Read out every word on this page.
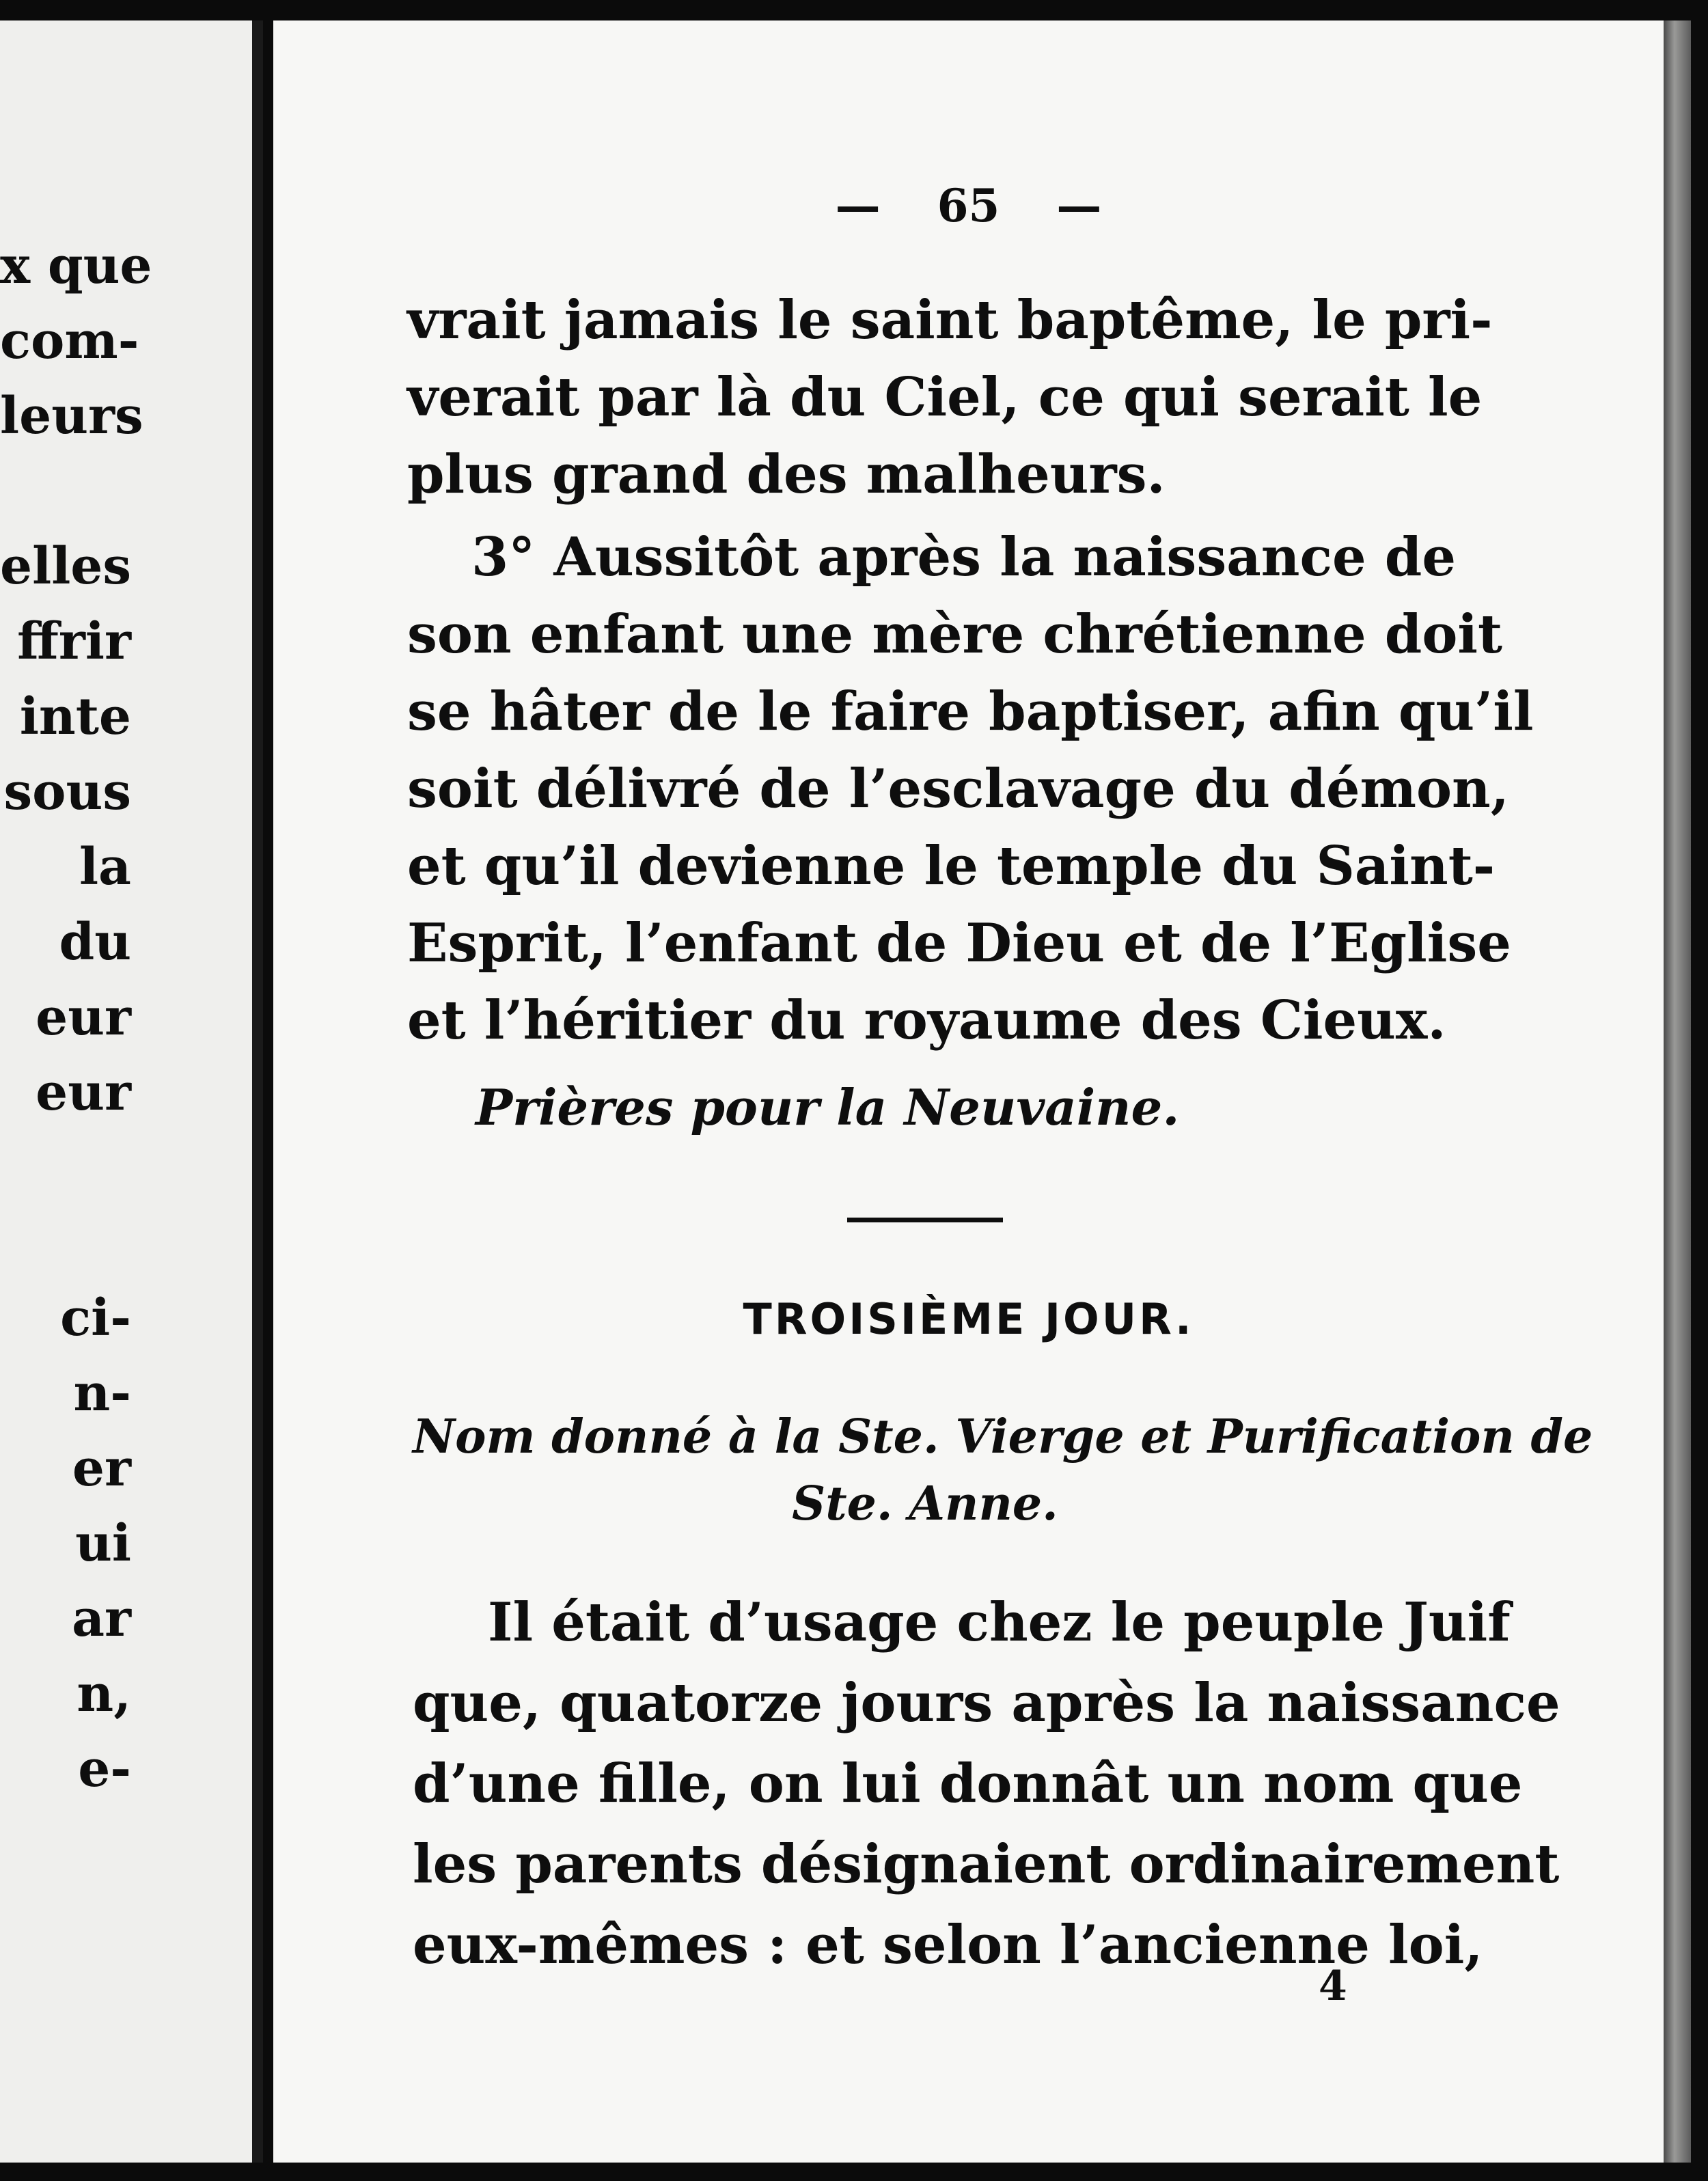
x que
com-
leurs
elles
ffrir
inte
sous
la
du
eur
eur
ci-
n-
er
ui
ar
n,
e-
— 65 —

vrait jamais le saint baptême, le pri-
verait par là du Ciel, ce qui serait le
plus grand des malheurs.

3° Aussitôt après la naissance de
son enfant une mère chrétienne doit
se hâter de le faire baptiser, afin qu’il
soit délivré de l’esclavage du démon,
et qu’il devienne le temple du Saint-
Esprit, l’enfant de Dieu et de l’Eglise
et l’héritier du royaume des Cieux.

Prières pour la Neuvaine.
TROISIÈME JOUR.
Nom donné à la Ste. Vierge et Purification de
Ste. Anne.

Il était d’usage chez le peuple Juif
que, quatorze jours après la naissance
d’une fille, on lui donnât un nom que
les parents désignaient ordinairement
eux-mêmes : et selon l’ancienne loi,

4
